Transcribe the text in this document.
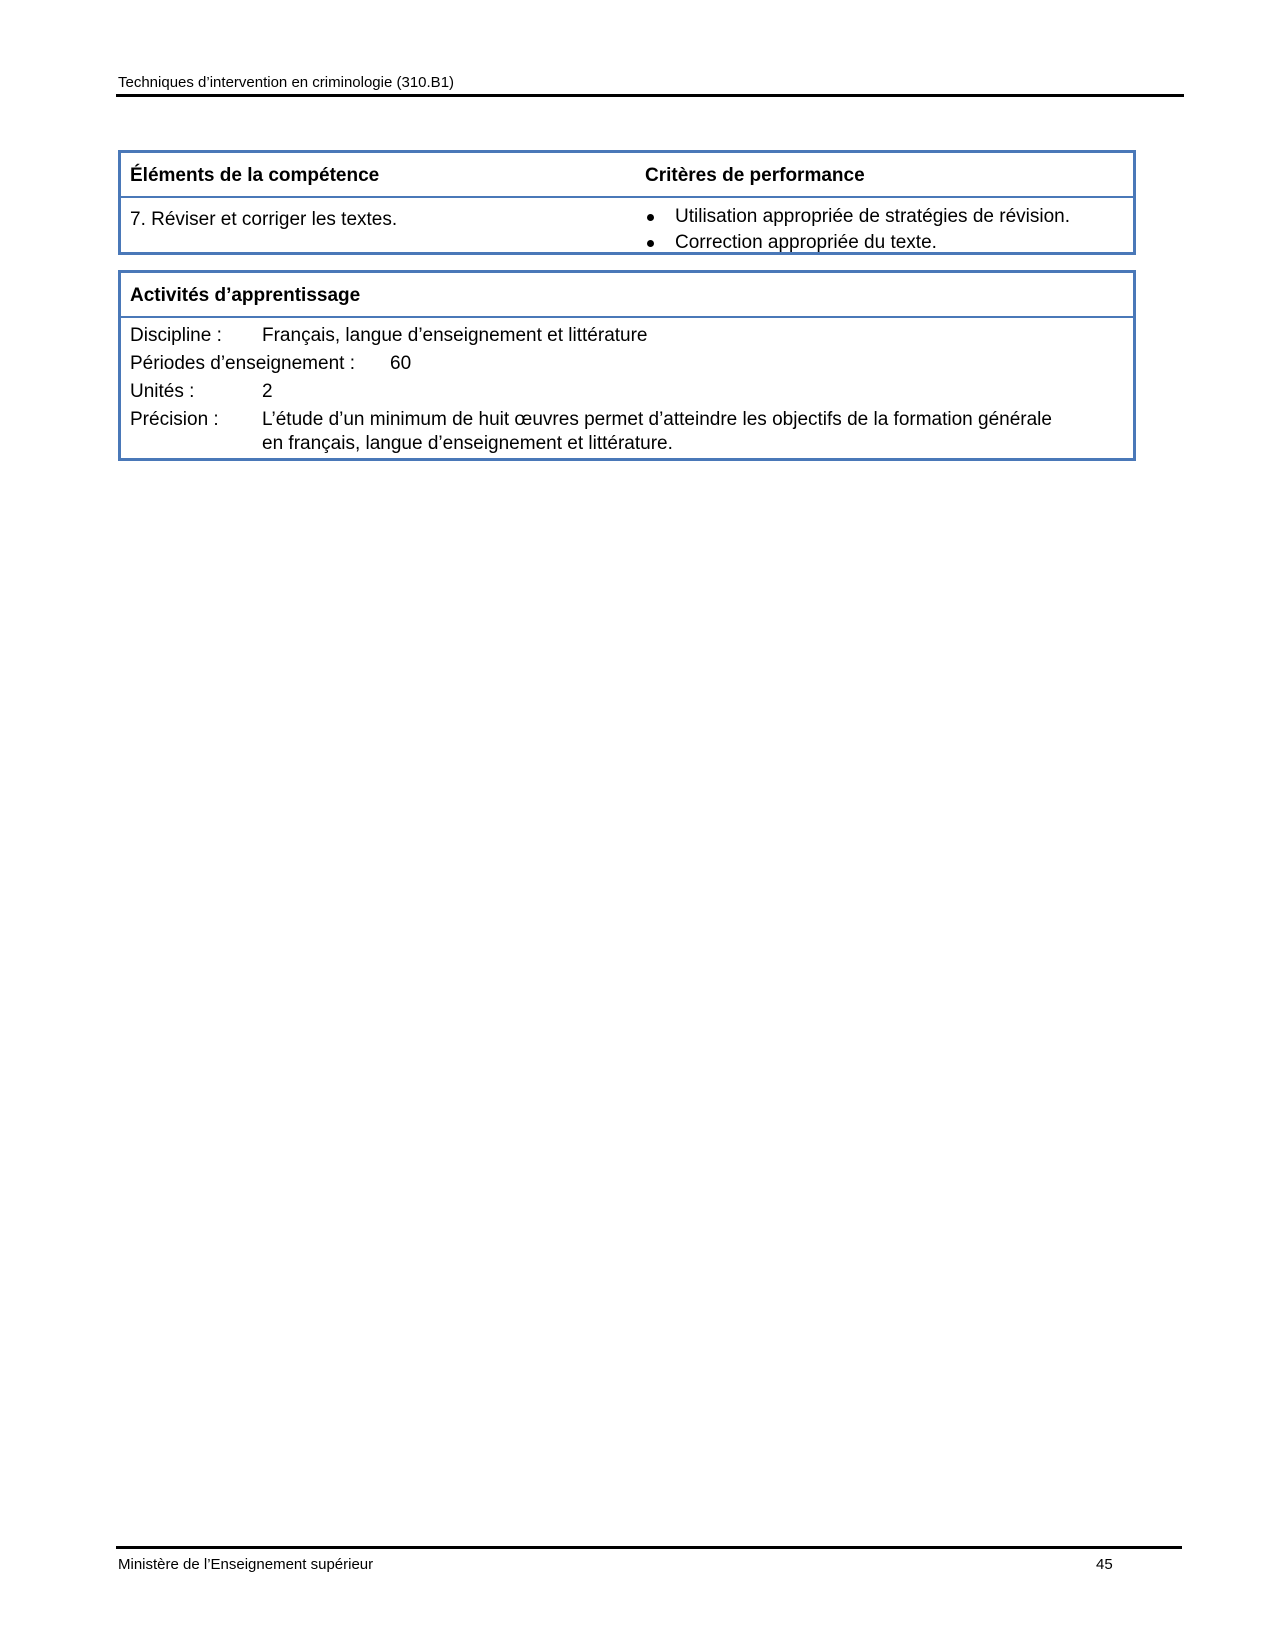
Techniques d’intervention en criminologie (310.B1)
Éléments de la compétence	Critères de performance
7. Réviser et corriger les textes.	Utilisation appropriée de stratégies de révision.
Correction appropriée du texte.
Activités d’apprentissage
Discipline : Français, langue d’enseignement et littérature
Périodes d’enseignement : 60
Unités :	2
Précision : L’étude d’un minimum de huit œuvres permet d’atteindre les objectifs de la formation générale
en français, langue d’enseignement et littérature.
Ministère de l’Enseignement supérieur	45
